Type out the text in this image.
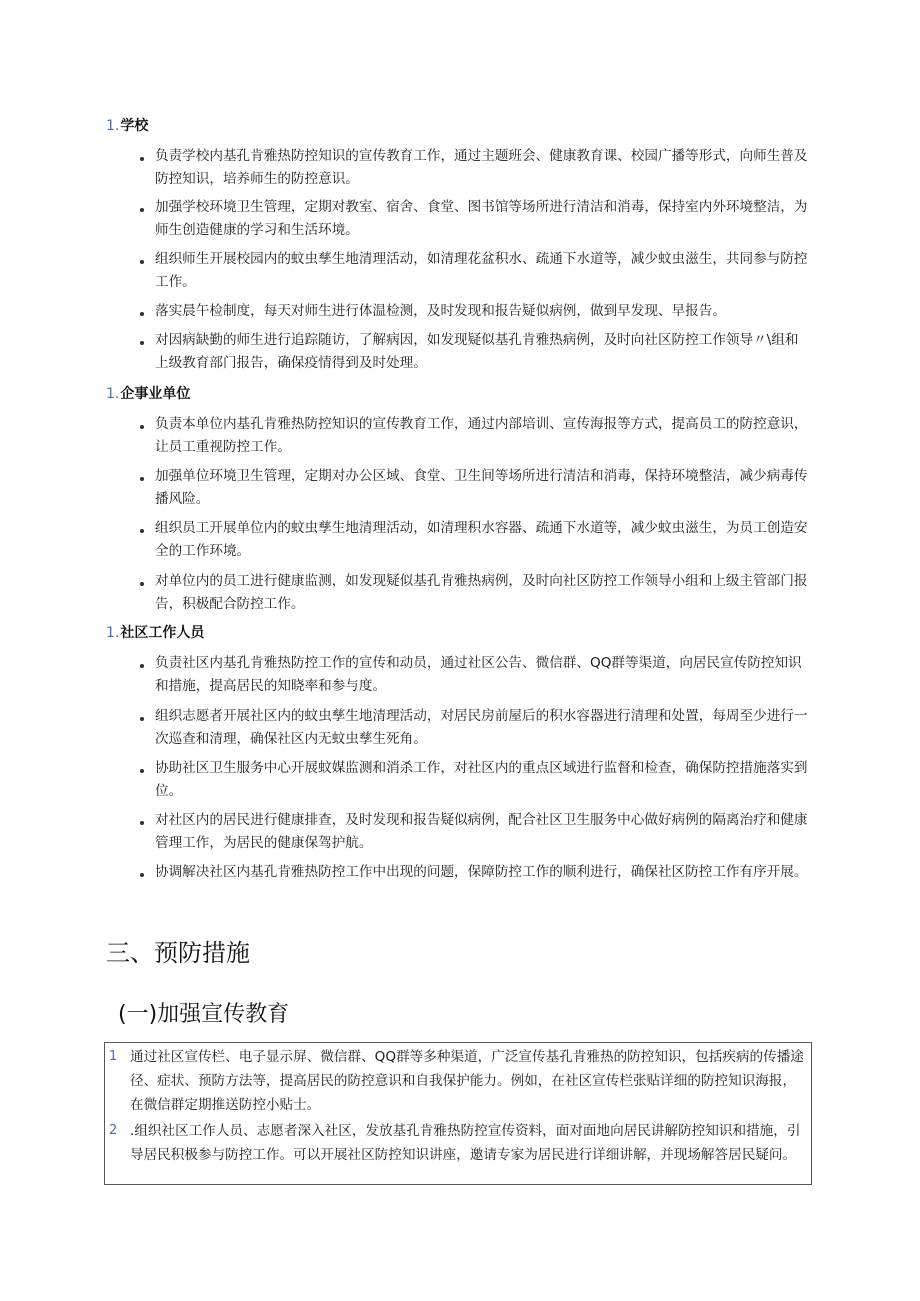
1. 学校
负责学校内基孔肯雅热防控知识的宣传教育工作，通过主题班会、健康教育课、校园广播等形式，向师生普及防控知识，培养师生的防控意识。
加强学校环境卫生管理，定期对教室、宿舍、食堂、图书馆等场所进行清洁和消毒，保持室内外环境整洁，为师生创造健康的学习和生活环境。
组织师生开展校园内的蚊虫孳生地清理活动，如清理花盆积水、疏通下水道等，减少蚊虫滋生，共同参与防控工作。
落实晨午检制度，每天对师生进行体温检测，及时发现和报告疑似病例，做到早发现、早报告。
对因病缺勤的师生进行追踪随访，了解病因，如发现疑似基孔肯雅热病例，及时向社区防控工作领导〃\组和上级教育部门报告，确保疫情得到及时处理。
1. 企事业单位
负责本单位内基孔肯雅热防控知识的宣传教育工作，通过内部培训、宣传海报等方式，提高员工的防控意识，让员工重视防控工作。
加强单位环境卫生管理，定期对办公区域、食堂、卫生间等场所进行清洁和消毒，保持环境整洁，减少病毒传播风险。
组织员工开展单位内的蚊虫孳生地清理活动，如清理积水容器、疏通下水道等，减少蚊虫滋生，为员工创造安全的工作环境。
对单位内的员工进行健康监测，如发现疑似基孔肯雅热病例，及时向社区防控工作领导小组和上级主管部门报告，积极配合防控工作。
1. 社区工作人员
负责社区内基孔肯雅热防控工作的宣传和动员，通过社区公告、微信群、QQ群等渠道，向居民宣传防控知识和措施，提高居民的知晓率和参与度。
组织志愿者开展社区内的蚊虫孳生地清理活动，对居民房前屋后的积水容器进行清理和处置，每周至少进行一次巡查和清理，确保社区内无蚊虫孳生死角。
协助社区卫生服务中心开展蚊媒监测和消杀工作，对社区内的重点区域进行监督和检查，确保防控措施落实到位。
对社区内的居民进行健康排查，及时发现和报告疑似病例，配合社区卫生服务中心做好病例的隔离治疗和健康管理工作，为居民的健康保驾护航。
协调解决社区内基孔肯雅热防控工作中出现的问题，保障防控工作的顺利进行，确保社区防控工作有序开展。
三、预防措施
(一)加强宣传教育
1 通过社区宣传栏、电子显示屏、微信群、QQ群等多种渠道，广泛宣传基孔肯雅热的防控知识，包括疾病的传播途径、症状、预防方法等，提高居民的防控意识和自我保护能力。例如，在社区宣传栏张贴详细的防控知识海报，在微信群定期推送防控小贴士。
2 .组织社区工作人员、志愿者深入社区，发放基孔肯雅热防控宣传资料，面对面地向居民讲解防控知识和措施，引导居民积极参与防控工作。可以开展社区防控知识讲座，邀请专家为居民进行详细讲解，并现场解答居民疑问。
